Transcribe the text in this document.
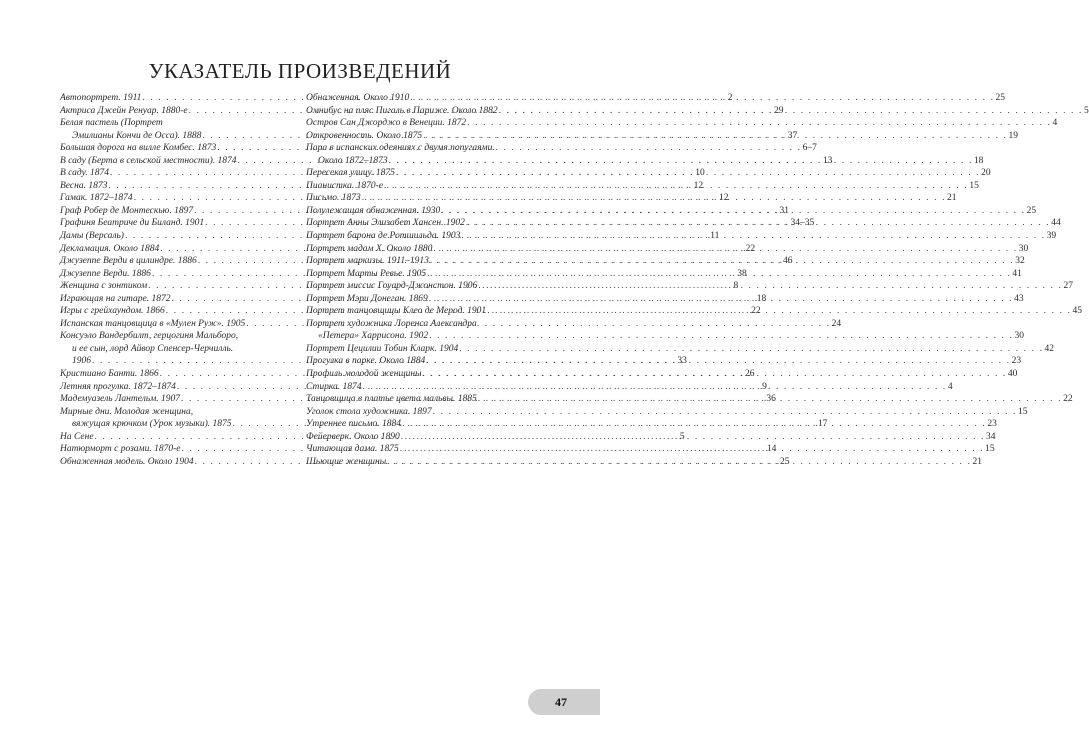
УКАЗАТЕЛЬ ПРОИЗВЕДЕНИЙ
Автопортрет. 1911 . . .	2
Актриса Джейн Ренуар. 1880-е . . .	29
Белая пастель (Портрет
Эмилианы Кончи де Осса). 1888 . . .	37
Большая дорога на вилле Комбес. 1873 . . .	6–7
В саду (Берта в сельской местности). 1874 . . .	13
В саду. 1874 . . .	10
Весна. 1873 . . .	12
Гамак. 1872–1874 . . .	12
Граф Робер де Монтескью. 1897 . . .	31
Графиня Беатриче ди Биланд. 1901 . . .	34–35
Дамы (Версаль) . . .	11
Декламация. Около 1884 . . .	22
Джузеппе Верди в цилиндре. 1886 . . .	46
Джузеппе Верди. 1886 . . .	38
Женщина с зонтиком . . .	8
Играющая на гитаре. 1872 . . .	18
Игры с грейхаундом. 1866 . . .	22
Испанская танцовщица в «Мулен Руж». 1905 . . .	24
Консуэло Вандербилт, герцогиня Мальборо,
и ее сын, лорд Айвор Спенсер-Черчилль.
1906 . . .	33
Кристиано Банти. 1866 . . .	26
Летняя прогулка. 1872–1874 . . .	9
Мадемуазель Лантельм. 1907 . . .	36
Мирные дни. Молодая женщина,
вяжущая крючком (Урок музыки). 1875 . . .	17
На Сене . . .	5
Натюрморт с розами. 1870-е . . .	14
Обнаженная модель. Около 1904 . . .	25
Обнаженная. Около 1910 . . .	25
Омнибус на пляс Пигаль в Париже. Около 1882 . . .	5
Остров Сан Джорджо в Венеции. 1872 . . .	4
Откровенность. Около 1875 . . .	19
Пара в испанских одеяниях с двумя попугаями.
Около 1872–1873 . . .	18
Пересекая улицу. 1875 . . .	20
Пианистка. 1870-е . . .	15
Письмо. 1873 . . .	21
Полулежащая обнаженная. 1930 . . .	25
Портрет Анны Элизабет Хансен. 1902 . . .	44
Портрет барона де Ротшильда. 1903 . . .	39
Портрет мадам Х. Около 1880 . . .	30
Портрет маркизы. 1911–1913 . . .	32
Портрет Марты Ревье. 1905 . . .	41
Портрет миссис Гоуард-Джонстон. 1906 . . .	27
Портрет Мэри Донеган. 1869 . . .	43
Портрет танцовщицы Клео де Мерод. 1901 . . .	45
Портрет художника Лоренса Александра
«Петера» Харрисона. 1902 . . .	30
Портрет Цецилии Тобин Кларк. 1904 . . .	42
Прогулка в парке. Около 1884 . . .	23
Профиль молодой женщины . . .	40
Стирка. 1874 . . .	4
Танцовщица в платье цвета мальвы. 1885 . . .	22
Уголок стола художника. 1897 . . .	15
Утреннее письмо. 1884 . . .	23
Фейерверк. Около 1890 . . .	34
Читающая дама. 1875 . . .	15
Шьющие женщины . . .	21
47
